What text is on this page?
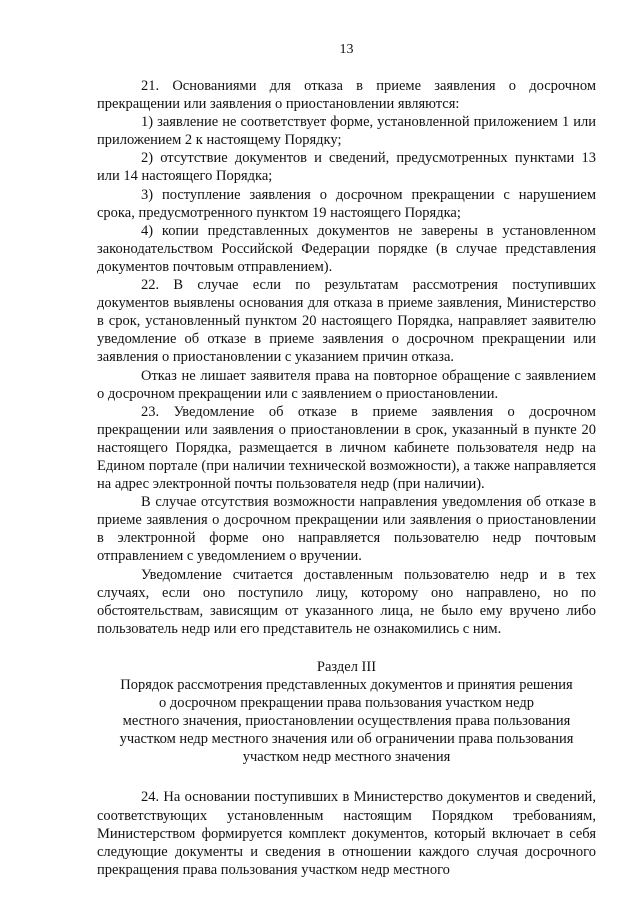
13

21. Основаниями для отказа в приеме заявления о досрочном прекращении или заявления о приостановлении являются:

1) заявление не соответствует форме, установленной приложением 1 или приложением 2 к настоящему Порядку;

2) отсутствие документов и сведений, предусмотренных пунктами 13 или 14 настоящего Порядка;

3) поступление заявления о досрочном прекращении с нарушением срока, предусмотренного пунктом 19 настоящего Порядка;

4) копии представленных документов не заверены в установленном законодательством Российской Федерации порядке (в случае представления документов почтовым отправлением).

22. В случае если по результатам рассмотрения поступивших документов выявлены основания для отказа в приеме заявления, Министерство в срок, установленный пунктом 20 настоящего Порядка, направляет заявителю уведомление об отказе в приеме заявления о досрочном прекращении или заявления о приостановлении с указанием причин отказа.

Отказ не лишает заявителя права на повторное обращение с заявлением о досрочном прекращении или с заявлением о приостановлении.

23. Уведомление об отказе в приеме заявления о досрочном прекращении или заявления о приостановлении в срок, указанный в пункте 20 настоящего Порядка, размещается в личном кабинете пользователя недр на Едином портале (при наличии технической возможности), а также направляется на адрес электронной почты пользователя недр (при наличии).

В случае отсутствия возможности направления уведомления об отказе в приеме заявления о досрочном прекращении или заявления о приостановлении в электронной форме оно направляется пользователю недр почтовым отправлением с уведомлением о вручении.

Уведомление считается доставленным пользователю недр и в тех случаях, если оно поступило лицу, которому оно направлено, но по обстоятельствам, зависящим от указанного лица, не было ему вручено либо пользователь недр или его представитель не ознакомились с ним.

Раздел III
Порядок рассмотрения представленных документов и принятия решения
о досрочном прекращении права пользования участком недр
местного значения, приостановлении осуществления права пользования
участком недр местного значения или об ограничении права пользования
участком недр местного значения

24. На основании поступивших в Министерство документов и сведений, соответствующих установленным настоящим Порядком требованиям, Министерством формируется комплект документов, который включает в себя следующие документы и сведения в отношении каждого случая досрочного прекращения права пользования участком недр местного
